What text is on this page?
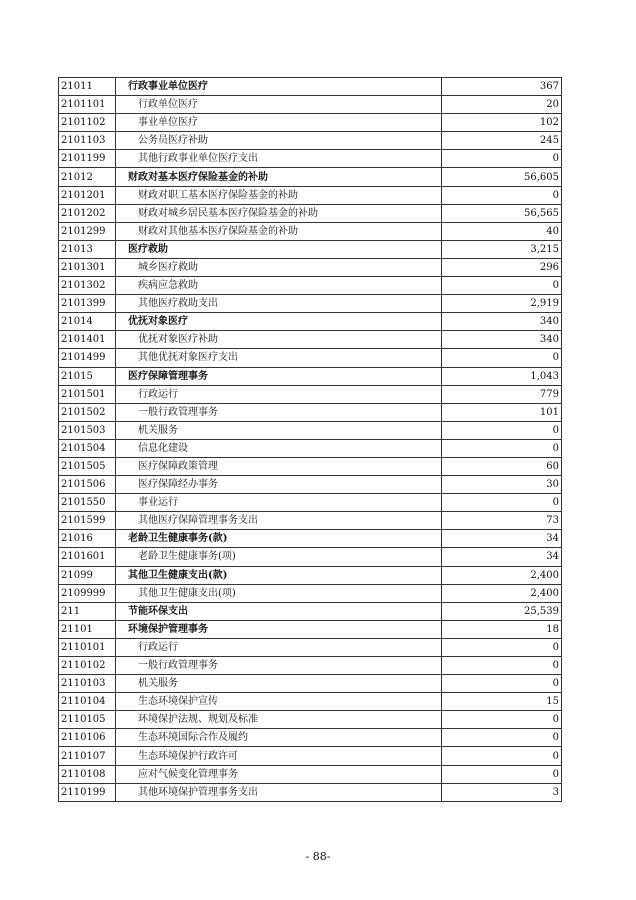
21011	行政事业单位医疗	367
2101101	行政单位医疗	20
2101102	事业单位医疗	102
2101103	公务员医疗补助	245
2101199	其他行政事业单位医疗支出	0
21012	财政对基本医疗保险基金的补助	56,605
2101201	财政对职工基本医疗保险基金的补助	0
2101202	财政对城乡居民基本医疗保险基金的补助	56,565
2101299	财政对其他基本医疗保险基金的补助	40
21013	医疗救助	3,215
2101301	城乡医疗救助	296
2101302	疾病应急救助	0
2101399	其他医疗救助支出	2,919
21014	优抚对象医疗	340
2101401	优抚对象医疗补助	340
2101499	其他优抚对象医疗支出	0
21015	医疗保障管理事务	1,043
2101501	行政运行	779
2101502	一般行政管理事务	101
2101503	机关服务	0
2101504	信息化建设	0
2101505	医疗保障政策管理	60
2101506	医疗保障经办事务	30
2101550	事业运行	0
2101599	其他医疗保障管理事务支出	73
21016	老龄卫生健康事务(款)	34
2101601	老龄卫生健康事务(项)	34
21099	其他卫生健康支出(款)	2,400
2109999	其他卫生健康支出(项)	2,400
211	节能环保支出	25,539
21101	环境保护管理事务	18
2110101	行政运行	0
2110102	一般行政管理事务	0
2110103	机关服务	0
2110104	生态环境保护宣传	15
2110105	环境保护法规、规划及标准	0
2110106	生态环境国际合作及履约	0
2110107	生态环境保护行政许可	0
2110108	应对气候变化管理事务	0
2110199	其他环境保护管理事务支出	3
- 88-
